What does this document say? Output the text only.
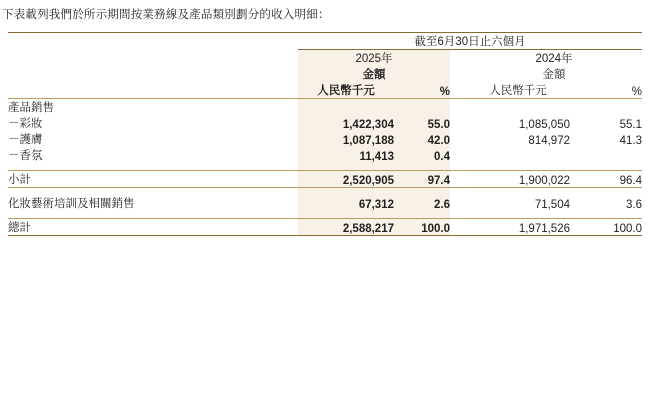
下表載列我們於所示期間按業務線及產品類別劃分的收入明細：

	截至6月30日止六個月				
	2025年			2024年	
	金額			金額	
	人民幣千元	%		人民幣千元	%

產品銷售					
－彩妝	1,422,304	55.0		1,085,050	55.1
－護膚	1,087,188	42.0		814,972	41.3
－香氛	11,413	0.4			

小計	2,520,905	97.4		1,900,022	96.4

化妝藝術培訓及相關銷售	67,312	2.6		71,504	3.6

總計	2,588,217	100.0		1,971,526	100.0
